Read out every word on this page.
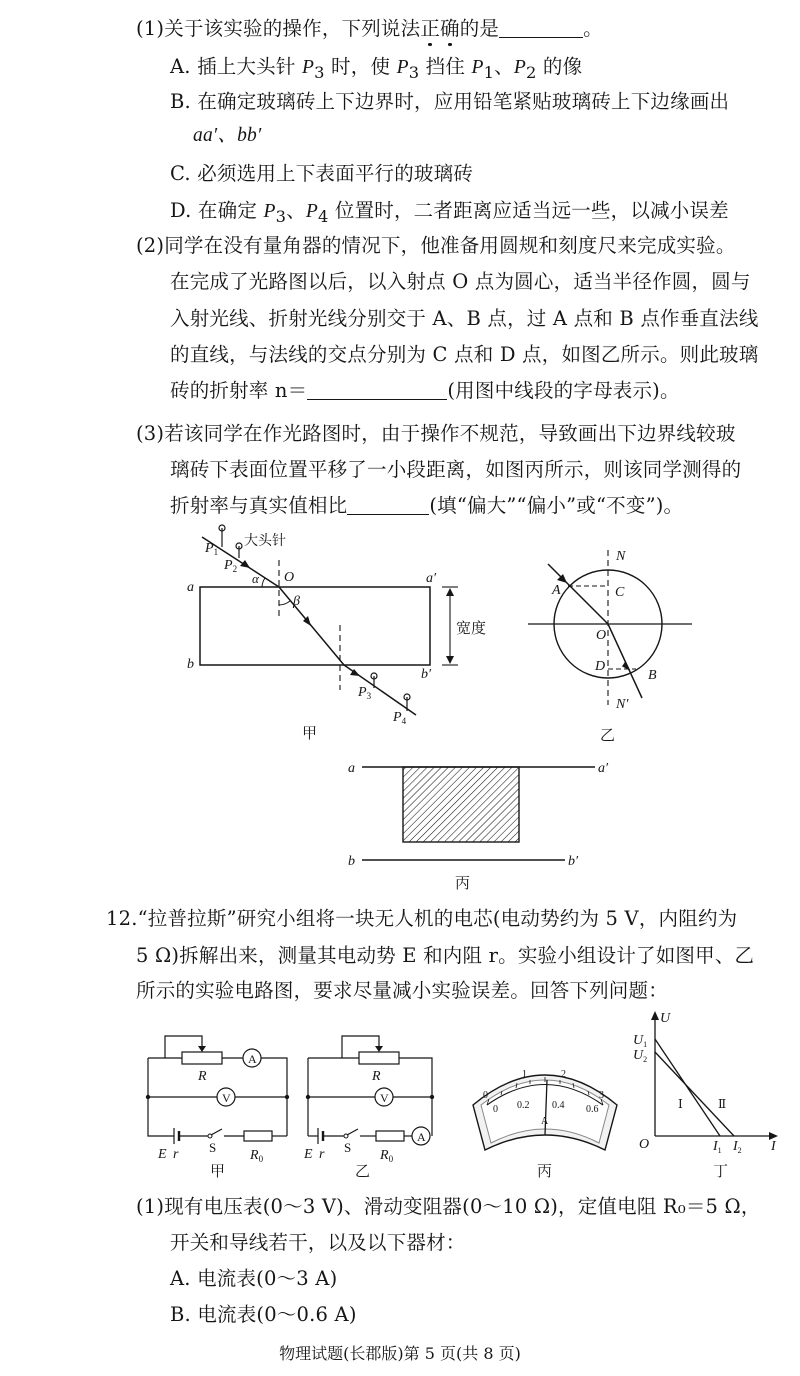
(1)关于该实验的操作，下列说法正确的是	。
A. 插上大头针 $P_3$ 时，使 $P_3$ 挡住 $P_1$、$P_2$ 的像
B. 在确定玻璃砖上下边界时，应用铅笔紧贴玻璃砖上下边缘画出
aa′、bb′
C. 必须选用上下表面平行的玻璃砖
D. 在确定 $P_3$、$P_4$ 位置时，二者距离应适当远一些，以减小误差
(2)同学在没有量角器的情况下，他准备用圆规和刻度尺来完成实验。
在完成了光路图以后，以入射点 O 点为圆心，适当半径作圆，圆与
入射光线、折射光线分别交于 A、B 点，过 A 点和 B 点作垂直法线
的直线，与法线的交点分别为 C 点和 D 点，如图乙所示。则此玻璃
砖的折射率 n＝	(用图中线段的字母表示)。
(3)若该同学在作光路图时，由于操作不规范，导致画出下边界线较玻
璃砖下表面位置平移了一小段距离，如图丙所示，则该同学测得的
折射率与真实值相比	(填“偏大”“偏小”或“不变”)。
大头针
宽度
a
a′
b
b′
O
α
β
$P_1$
$P_2$
$P_3$
$P_4$
甲
N
N′
A	C
O
D
B
乙
a	a′
b	b′
丙
12.“拉普拉斯”研究小组将一块无人机的电芯(电动势约为 5 V，内阻约为
5 Ω)拆解出来，测量其电动势 E 和内阻 r。实验小组设计了如图甲、乙
所示的实验电路图，要求尽量减小实验误差。回答下列问题：
R
A
V
E r S
$R_0$
甲
R
V
A
E r S
$R_0$
乙
0
1	2
3
0 0.2 0.4 0.6
A
丙
U
I
O
$U_1$
$U_2$
$I_1$ $I_2$
Ⅰ	Ⅱ
丁
(1)现有电压表(0～3 V)、滑动变阻器(0～10 Ω)，定值电阻 R₀＝5 Ω，
开关和导线若干，以及以下器材：
A. 电流表(0～3 A)
B. 电流表(0～0.6 A)
物理试题(长郡版)第 5 页(共 8 页)
